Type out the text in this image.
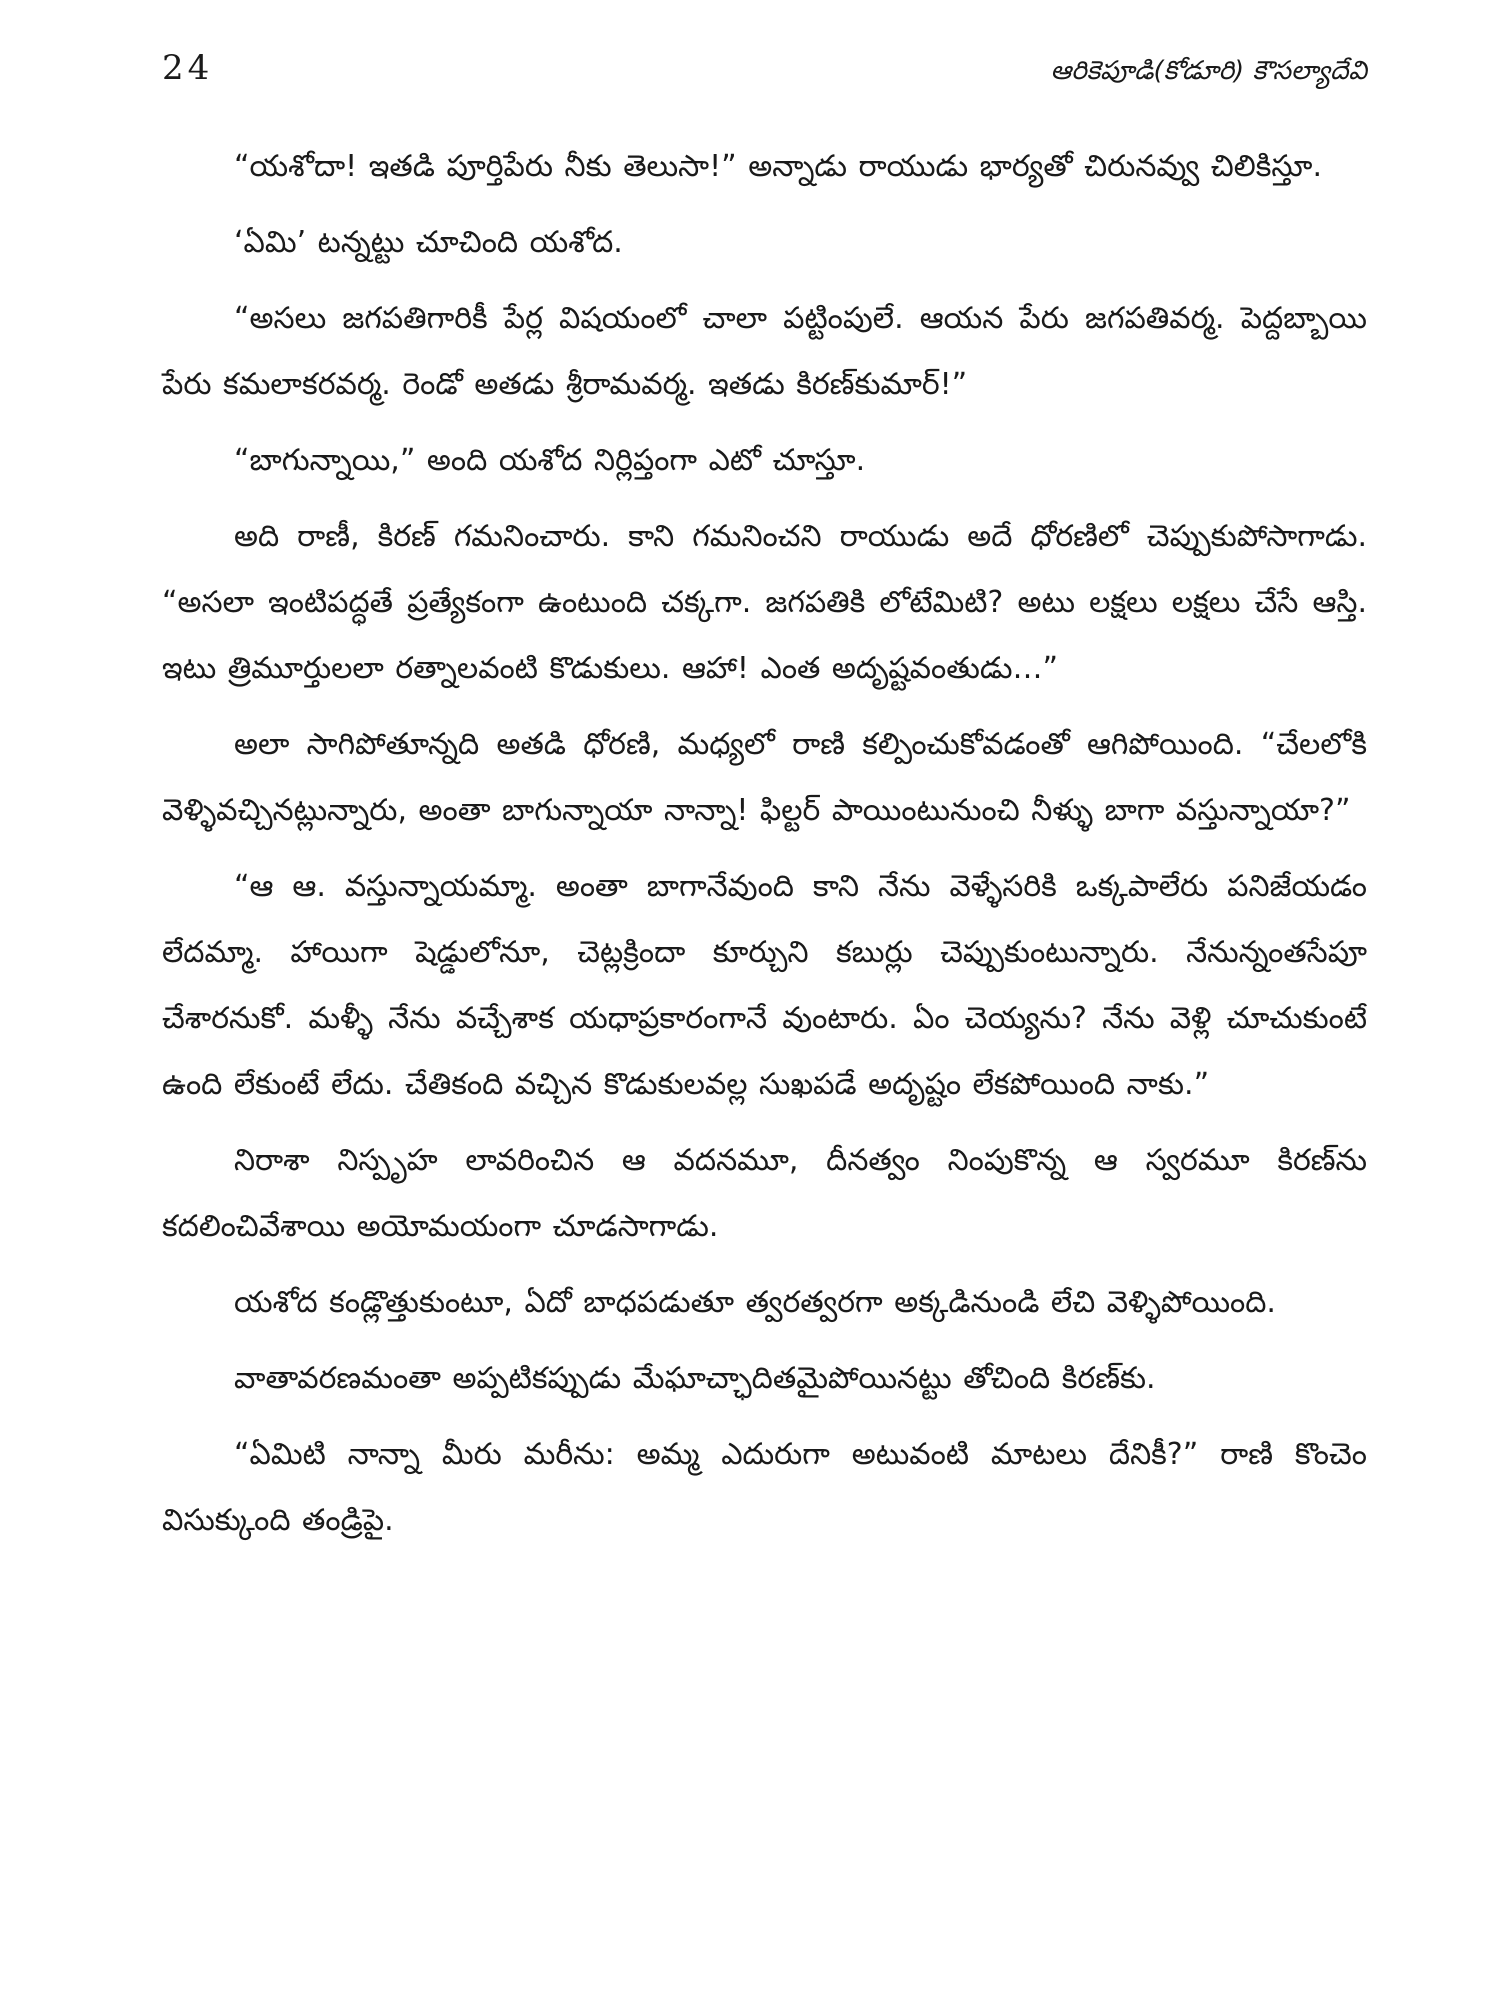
24	ఆరికెపూడి(కోడూరి) కౌసల్యాదేవి

“యశోదా! ఇతడి పూర్తిపేరు నీకు తెలుసా!” అన్నాడు రాయుడు భార్యతో చిరునవ్వు చిలికిస్తూ.

‘ఏమి’ టన్నట్టు చూచింది యశోద.

“అసలు జగపతిగారికీ పేర్ల విషయంలో చాలా పట్టింపులే. ఆయన పేరు జగపతివర్మ. పెద్దబ్బాయి పేరు కమలాకరవర్మ. రెండో అతడు శ్రీరామవర్మ. ఇతడు కిరణ్‌కుమార్!”

“బాగున్నాయి,” అంది యశోద నిర్లిప్తంగా ఎటో చూస్తూ.

అది రాణీ, కిరణ్ గమనించారు. కాని గమనించని రాయుడు అదే ధోరణిలో చెప్పుకుపోసాగాడు. “అసలా ఇంటిపద్ధతే ప్రత్యేకంగా ఉంటుంది చక్కగా. జగపతికి లోటేమిటి? అటు లక్షలు లక్షలు చేసే ఆస్తి. ఇటు త్రిమూర్తులలా రత్నాలవంటి కొడుకులు. ఆహా! ఎంత అదృష్టవంతుడు…”

అలా సాగిపోతూన్నది అతడి ధోరణి, మధ్యలో రాణి కల్పించుకోవడంతో ఆగిపోయింది. “చేలలోకి వెళ్ళివచ్చినట్లున్నారు, అంతా బాగున్నాయా నాన్నా! ఫిల్టర్ పాయింటునుంచి నీళ్ళు బాగా వస్తున్నాయా?”

“ఆ ఆ. వస్తున్నాయమ్మా. అంతా బాగానేవుంది కాని నేను వెళ్ళేసరికి ఒక్కపాలేరు పనిజేయడం లేదమ్మా. హాయిగా షెడ్డులోనూ, చెట్లక్రిందా కూర్చుని కబుర్లు చెప్పుకుంటున్నారు. నేనున్నంతసేపూ చేశారనుకో. మళ్ళీ నేను వచ్చేశాక యధాప్రకారంగానే వుంటారు. ఏం చెయ్యను? నేను వెళ్లి చూచుకుంటే ఉంది లేకుంటే లేదు. చేతికంది వచ్చిన కొడుకులవల్ల సుఖపడే అదృష్టం లేకపోయింది నాకు.”

నిరాశా నిస్పృహ లావరించిన ఆ వదనమూ, దీనత్వం నింపుకొన్న ఆ స్వరమూ కిరణ్‌ను కదలించివేశాయి అయోమయంగా చూడసాగాడు.

యశోద కండ్లొత్తుకుంటూ, ఏదో బాధపడుతూ త్వరత్వరగా అక్కడినుండి లేచి వెళ్ళిపోయింది.

వాతావరణమంతా అప్పటికప్పుడు మేఘాచ్ఛాదితమైపోయినట్టు తోచింది కిరణ్‌కు.

“ఏమిటి నాన్నా మీరు మరీను: అమ్మ ఎదురుగా అటువంటి మాటలు దేనికీ?” రాణి కొంచెం విసుక్కుంది తండ్రిపై.
